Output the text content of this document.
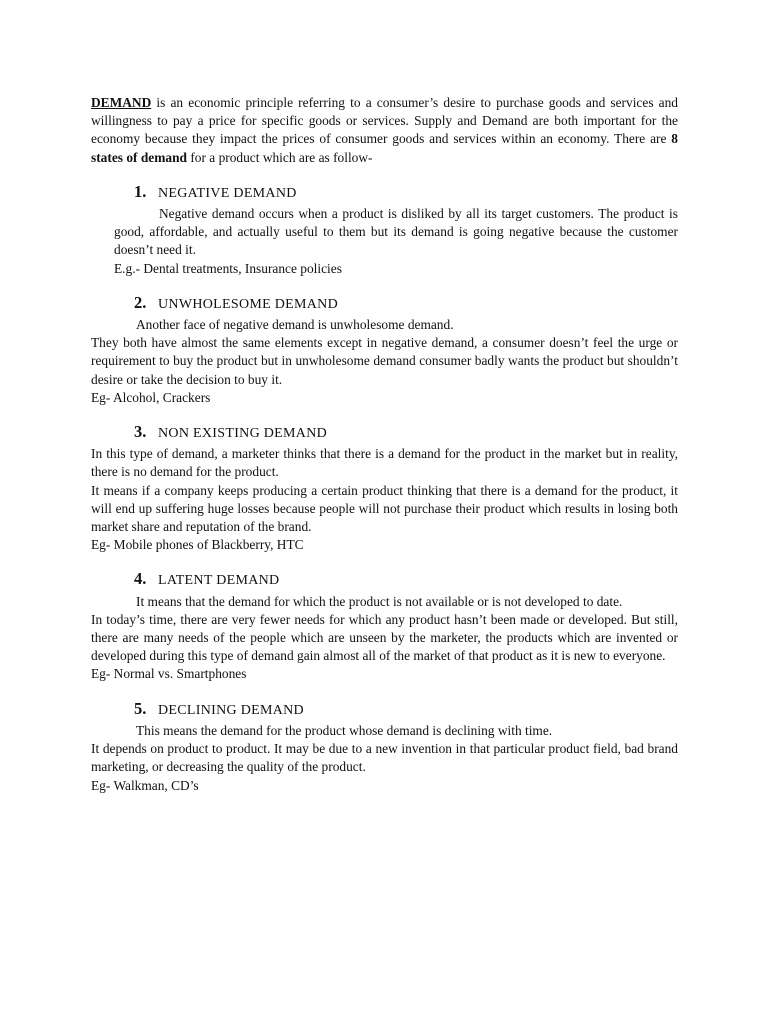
DEMAND is an economic principle referring to a consumer’s desire to purchase goods and services and willingness to pay a price for specific goods or services. Supply and Demand are both important for the economy because they impact the prices of consumer goods and services within an economy. There are 8 states of demand for a product which are as follow-

1. NEGATIVE DEMAND

Negative demand occurs when a product is disliked by all its target customers. The product is good, affordable, and actually useful to them but its demand is going negative because the customer doesn’t need it.

E.g.- Dental treatments, Insurance policies

2. UNWHOLESOME DEMAND

Another face of negative demand is unwholesome demand.

They both have almost the same elements except in negative demand, a consumer doesn’t feel the urge or requirement to buy the product but in unwholesome demand consumer badly wants the product but shouldn’t desire or take the decision to buy it.

Eg- Alcohol, Crackers

3. NON EXISTING DEMAND

In this type of demand, a marketer thinks that there is a demand for the product in the market but in reality, there is no demand for the product.

It means if a company keeps producing a certain product thinking that there is a demand for the product, it will end up suffering huge losses because people will not purchase their product which results in losing both market share and reputation of the brand.

Eg- Mobile phones of Blackberry, HTC

4. LATENT DEMAND

It means that the demand for which the product is not available or is not developed to date.

In today’s time, there are very fewer needs for which any product hasn’t been made or developed. But still, there are many needs of the people which are unseen by the marketer, the products which are invented or developed during this type of demand gain almost all of the market of that product as it is new to everyone.

Eg- Normal vs. Smartphones

5. DECLINING DEMAND

This means the demand for the product whose demand is declining with time.

It depends on product to product. It may be due to a new invention in that particular product field, bad brand marketing, or decreasing the quality of the product.

Eg- Walkman, CD’s
